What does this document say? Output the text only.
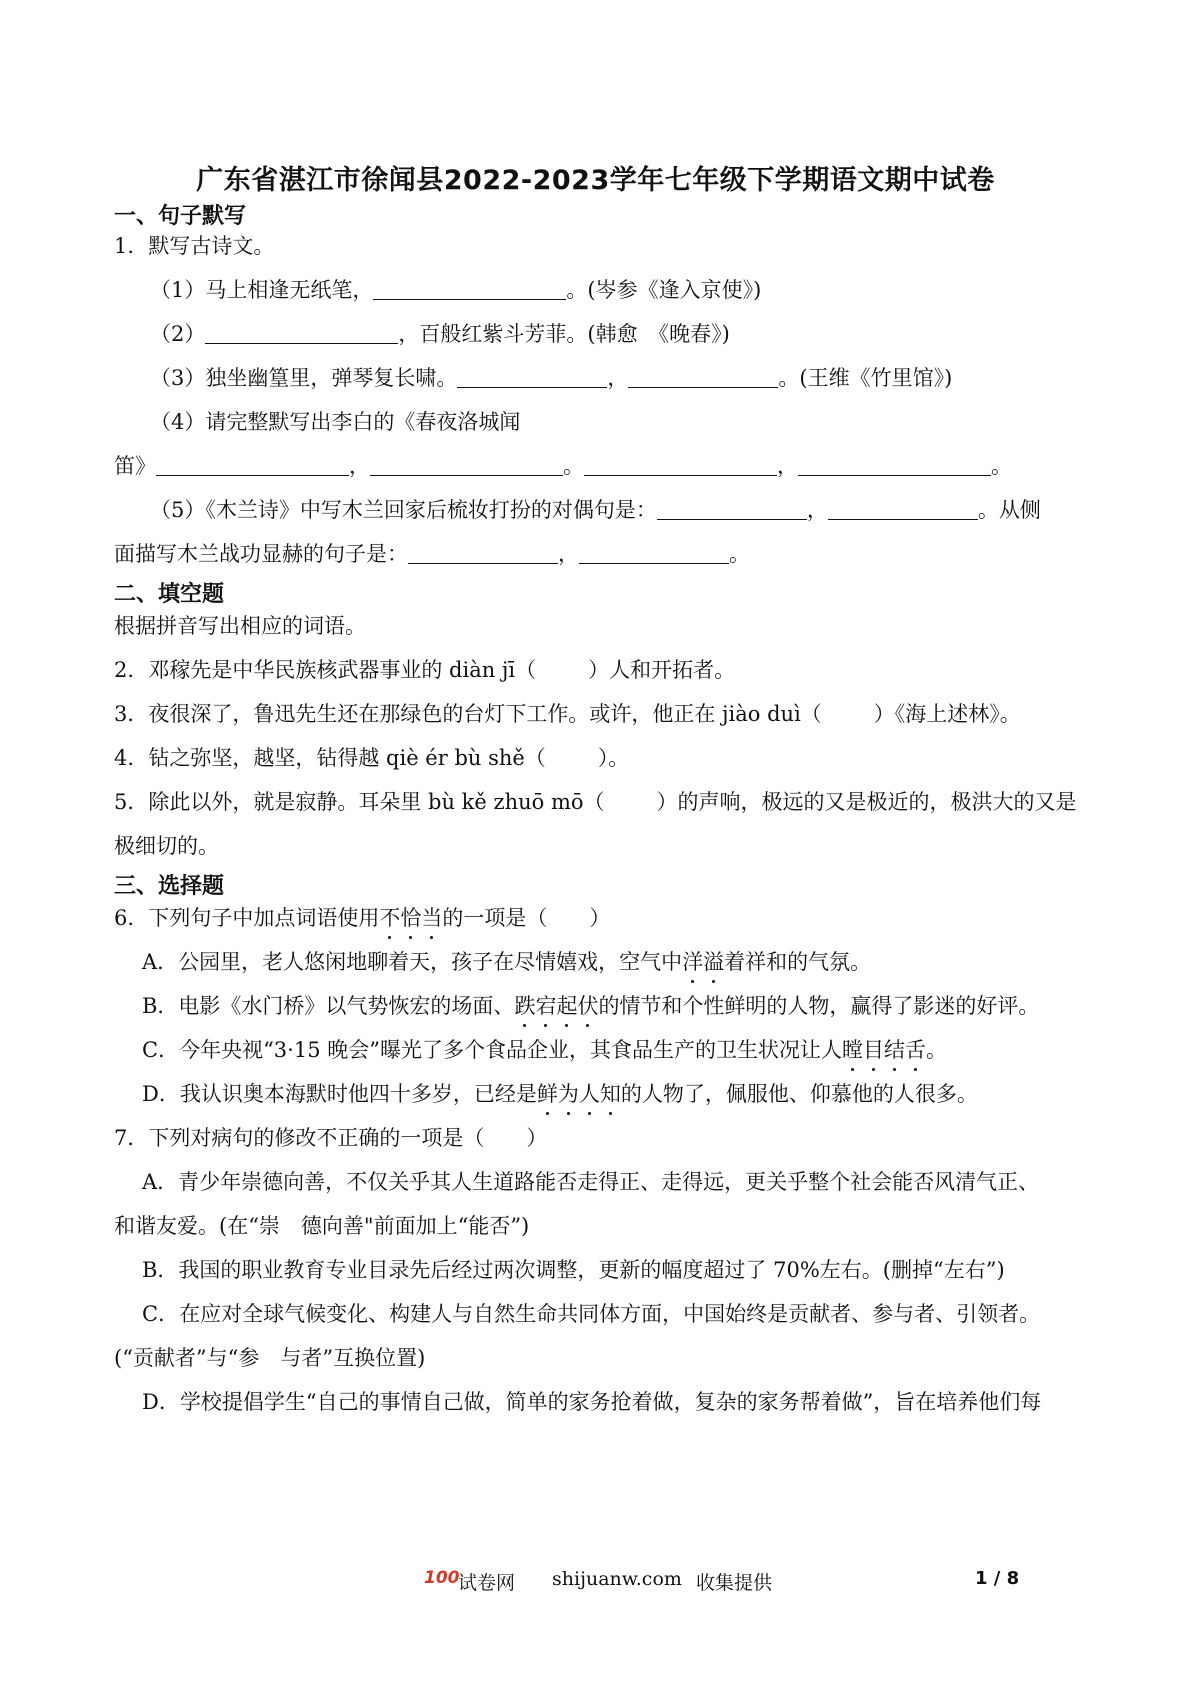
广东省湛江市徐闻县2022-2023学年七年级下学期语文期中试卷
一、句子默写
1．默写古诗文。
（1）马上相逢无纸笔，	。(岑参《逢入京使》)
（2）	，百般红紫斗芳菲。(韩愈　《晚春》)
（3）独坐幽篁里，弹琴复长啸。	，	。(王维《竹里馆》)
（4）请完整默写出李白的《春夜洛城闻
笛》	，	。	，	。
（5）《木兰诗》中写木兰回家后梳妆打扮的对偶句是：	，	。从侧
面描写木兰战功显赫的句子是：	，	。
二、填空题
根据拼音写出相应的词语。
2．邓稼先是中华民族核武器事业的 diàn jī（ ）人和开拓者。
3．夜很深了，鲁迅先生还在那绿色的台灯下工作。或许，他正在 jiào duì（ ）《海上述林》。
4．钻之弥坚，越坚，钻得越 qiè ér bù shě（ ）。
5．除此以外，就是寂静。耳朵里 bù kě zhuō mō（ ）的声响，极远的又是极近的，极洪大的又是
极细切的。
三、选择题
6．下列句子中加点词语使用不恰当的一项是（　　）
A．公园里，老人悠闲地聊着天，孩子在尽情嬉戏，空气中洋溢着祥和的气氛。
B．电影《水门桥》以气势恢宏的场面、跌宕起伏的情节和个性鲜明的人物，赢得了影迷的好评。
C．今年央视“3·15 晚会”曝光了多个食品企业，其食品生产的卫生状况让人瞠目结舌。
D．我认识奥本海默时他四十多岁，已经是鲜为人知的人物了，佩服他、仰慕他的人很多。
7．下列对病句的修改不正确的一项是（　　）
A．青少年崇德向善，不仅关乎其人生道路能否走得正、走得远，更关乎整个社会能否风清气正、
和谐友爱。(在“崇　德向善"前面加上“能否”)
B．我国的职业教育专业目录先后经过两次调整，更新的幅度超过了 70%左右。(删掉“左右”)
C．在应对全球气候变化、构建人与自然生命共同体方面，中国始终是贡献者、参与者、引领者。
(“贡献者”与“参　与者”互换位置)
D．学校提倡学生“自己的事情自己做，简单的家务抢着做，复杂的家务帮着做”，旨在培养他们每
100
试卷网 shijuanw.com 收集提供	1 / 8
